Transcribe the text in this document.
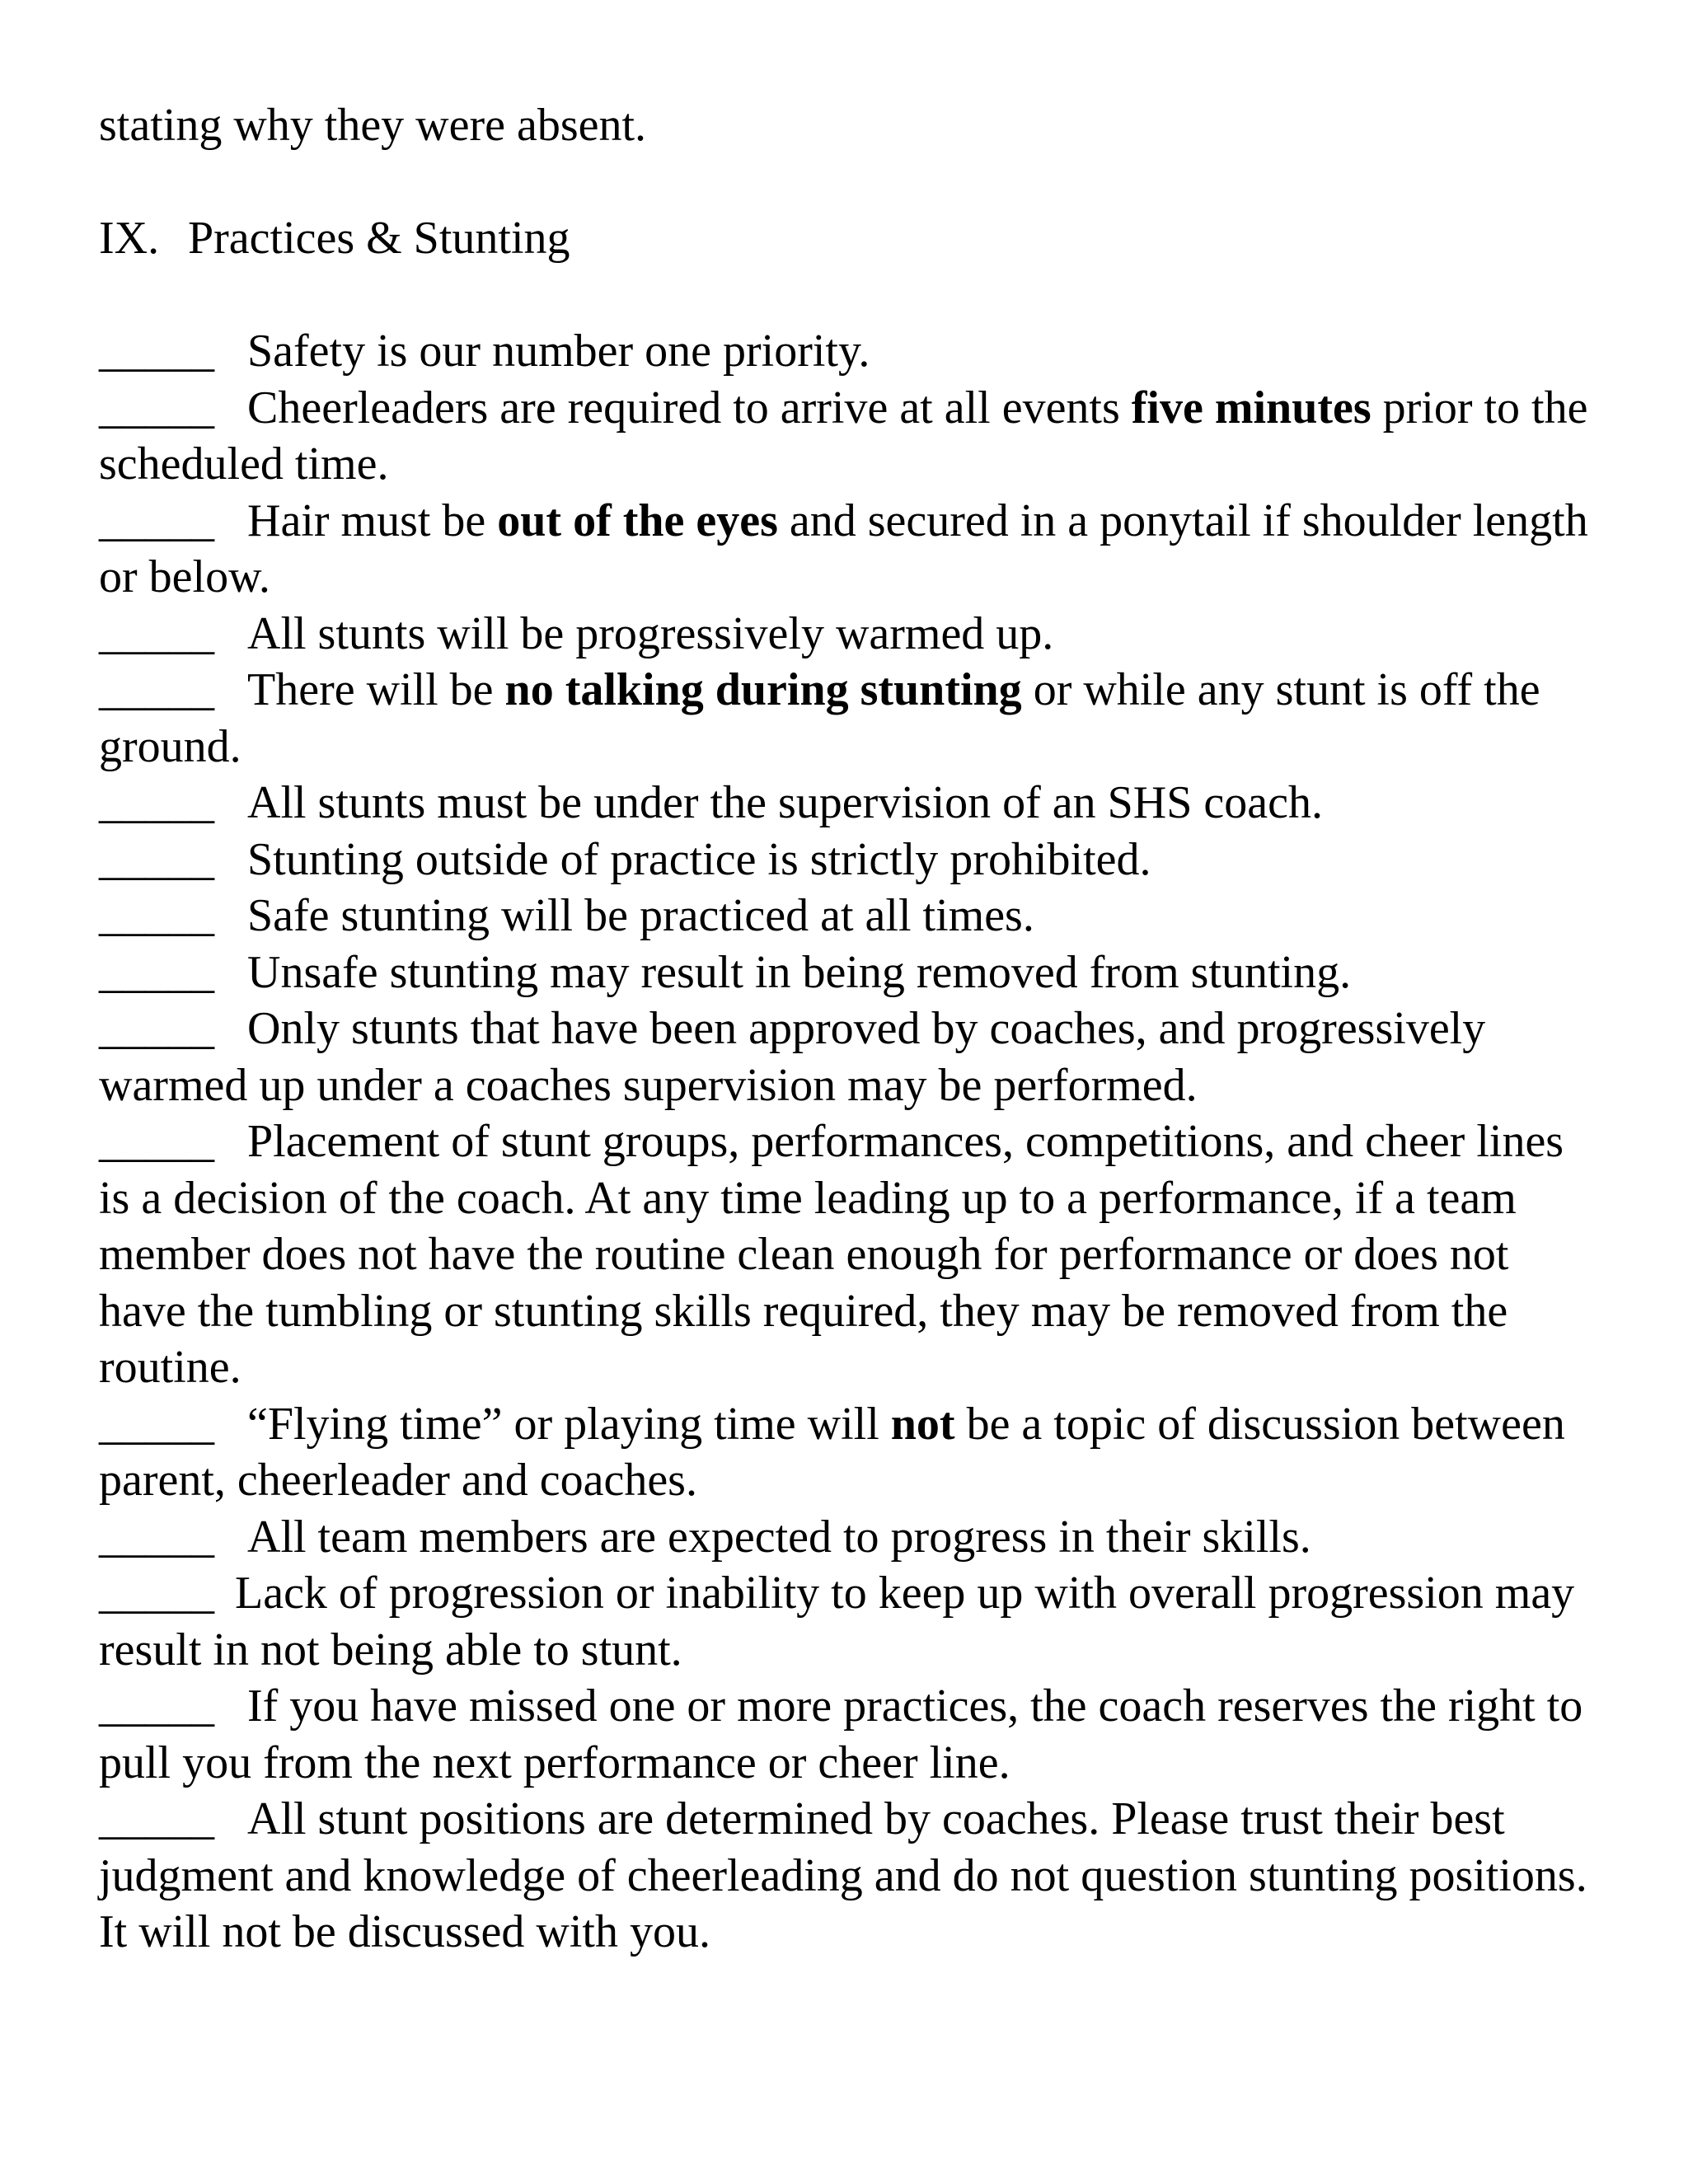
stating why they were absent.

IX. Practices & Stunting

_____ Safety is our number one priority.

_____ Cheerleaders are required to arrive at all events five minutes prior to the scheduled time.

_____ Hair must be out of the eyes and secured in a ponytail if shoulder length or below.

_____ All stunts will be progressively warmed up.

_____ There will be no talking during stunting or while any stunt is off the ground.

_____ All stunts must be under the supervision of an SHS coach.

_____ Stunting outside of practice is strictly prohibited.

_____ Safe stunting will be practiced at all times.

_____ Unsafe stunting may result in being removed from stunting.

_____ Only stunts that have been approved by coaches, and progressively warmed up under a coaches supervision may be performed.

_____ Placement of stunt groups, performances, competitions, and cheer lines is a decision of the coach. At any time leading up to a performance, if a team member does not have the routine clean enough for performance or does not have the tumbling or stunting skills required, they may be removed from the routine.

_____ “Flying time” or playing time will not be a topic of discussion between parent, cheerleader and coaches.

_____ All team members are expected to progress in their skills.

_____ Lack of progression or inability to keep up with overall progression may result in not being able to stunt.

_____ If you have missed one or more practices, the coach reserves the right to pull you from the next performance or cheer line.

_____ All stunt positions are determined by coaches. Please trust their best judgment and knowledge of cheerleading and do not question stunting positions. It will not be discussed with you.
